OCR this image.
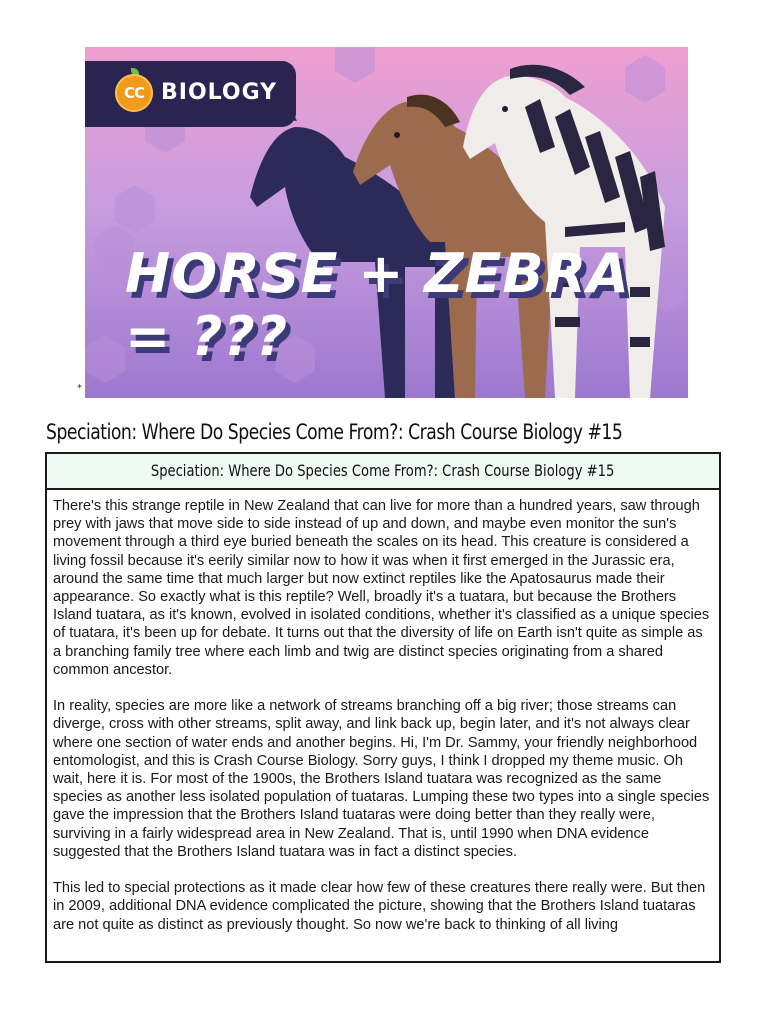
CC BIOLOGY
HORSE + ZEBRA
= ???
*
Speciation: Where Do Species Come From?: Crash Course Biology #15
Speciation: Where Do Species Come From?: Crash Course Biology #15

There's this strange reptile in New Zealand that can live for more than a hundred years, saw through prey with jaws that move side to side instead of up and down, and maybe even monitor the sun's movement through a third eye buried beneath the scales on its head. This creature is considered a living fossil because it's eerily similar now to how it was when it first emerged in the Jurassic era, around the same time that much larger but now extinct reptiles like the Apatosaurus made their appearance. So exactly what is this reptile? Well, broadly it's a tuatara, but because the Brothers Island tuatara, as it's known, evolved in isolated conditions, whether it's classified as a unique species of tuatara, it's been up for debate. It turns out that the diversity of life on Earth isn't quite as simple as a branching family tree where each limb and twig are distinct species originating from a shared common ancestor.

In reality, species are more like a network of streams branching off a big river; those streams can diverge, cross with other streams, split away, and link back up, begin later, and it's not always clear where one section of water ends and another begins. Hi, I'm Dr. Sammy, your friendly neighborhood entomologist, and this is Crash Course Biology. Sorry guys, I think I dropped my theme music. Oh wait, here it is. For most of the 1900s, the Brothers Island tuatara was recognized as the same species as another less isolated population of tuataras. Lumping these two types into a single species gave the impression that the Brothers Island tuataras were doing better than they really were, surviving in a fairly widespread area in New Zealand. That is, until 1990 when DNA evidence suggested that the Brothers Island tuatara was in fact a distinct species.

This led to special protections as it made clear how few of these creatures there really were. But then in 2009, additional DNA evidence complicated the picture, showing that the Brothers Island tuataras are not quite as distinct as previously thought. So now we're back to thinking of all living
